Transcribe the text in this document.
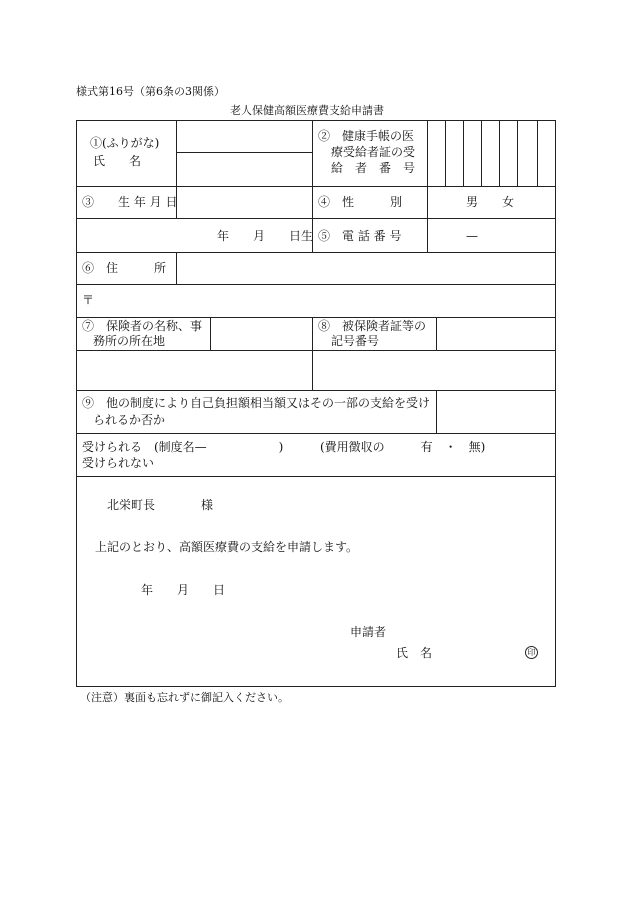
様式第16号（第6条の3関係）
老人保健高額医療費支給申請書
①(ふりがな)
氏　　名
②　健康手帳の医
療受給者証の受
給　者　番　号
③　　生 年 月 日	④　性　　　別	男　　女
年　　月　　日生 ⑤　電 話 番 号	—
⑥　住　　　所
〒
⑦　保険者の名称、事
務所の所在地
⑧　被保険者証等の
記号番号
⑨　他の制度により自己負担額相当額又はその一部の支給を受け
られるか否か
受けられる　(制度名—　　　　　　)	(費用徴収の　　　有　・　無)
受けられない
北栄町長	様
上記のとおり、高額医療費の支給を申請します。
年　　月　　日
申請者
氏　名	印
（注意）裏面も忘れずに御記入ください。
